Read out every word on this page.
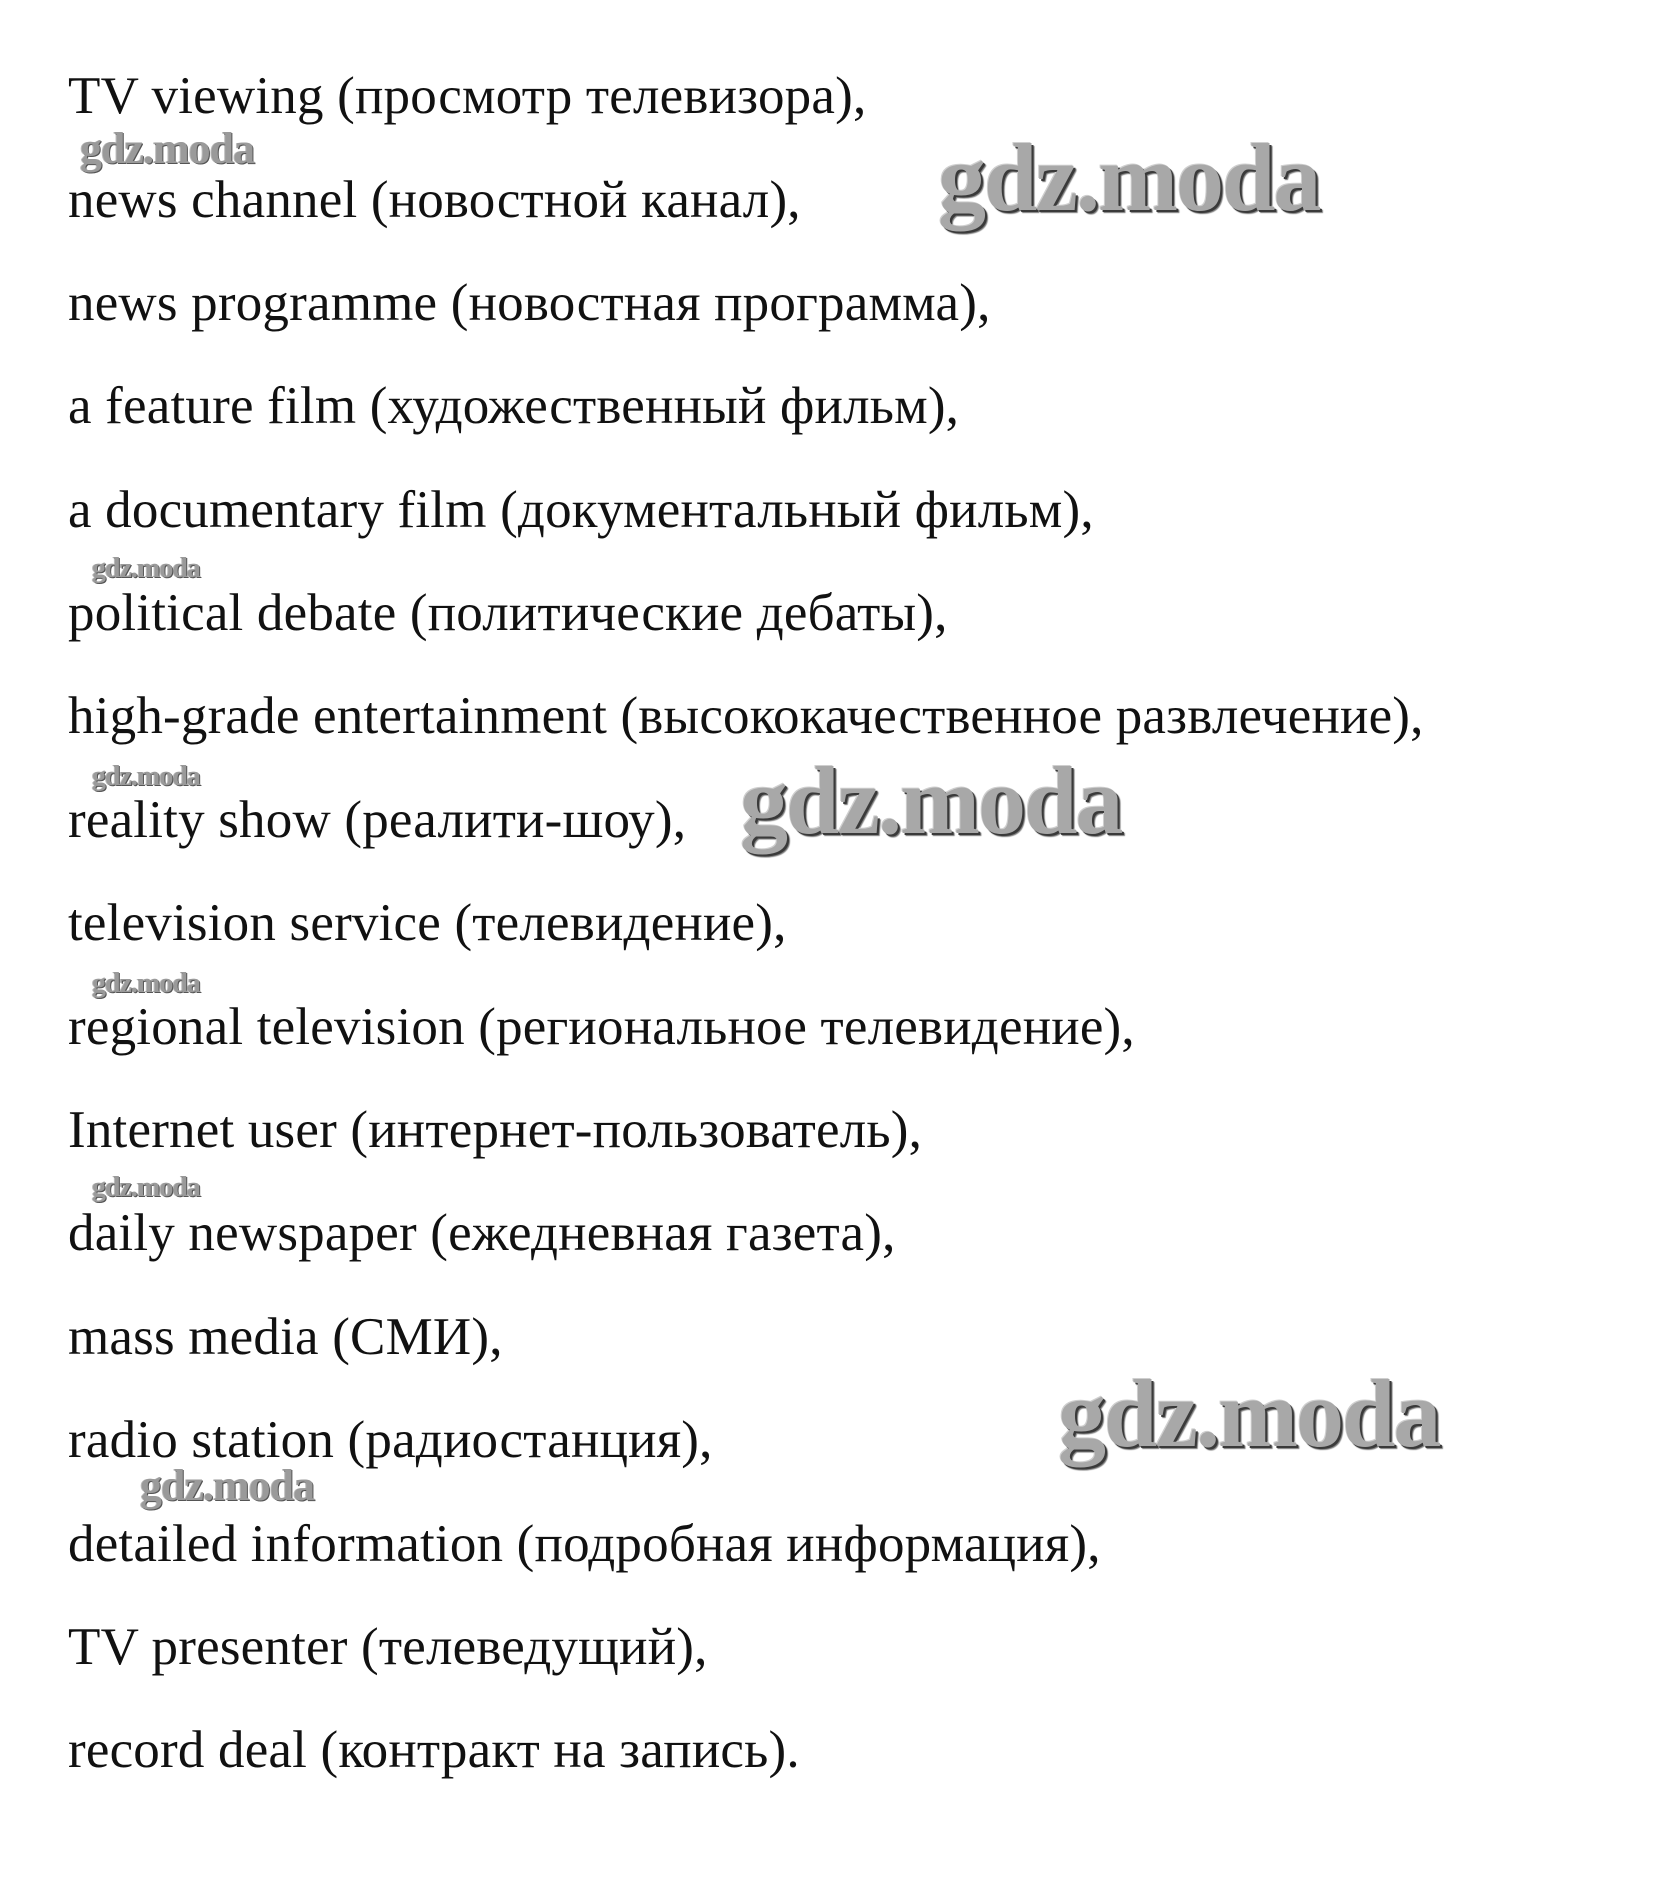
TV viewing (просмотр телевизора),
news channel (новостной канал),
news programme (новостная программа),
a feature film (художественный фильм),
a documentary film (документальный фильм),
political debate (политические дебаты),
high-grade entertainment (высококачественное развлечение),
reality show (реалити-шоу),
television service (телевидение),
regional television (региональное телевидение),
Internet user (интернет-пользователь),
daily newspaper (ежедневная газета),
mass media (СМИ),
radio station (радиостанция),
detailed information (подробная информация),
TV presenter (телеведущий),
record deal (контракт на запись).
gdz.moda	gdz.moda
gdz.moda
gdz.moda	gdz.moda
gdz.moda
gdz.moda
gdz.moda
gdz.moda
